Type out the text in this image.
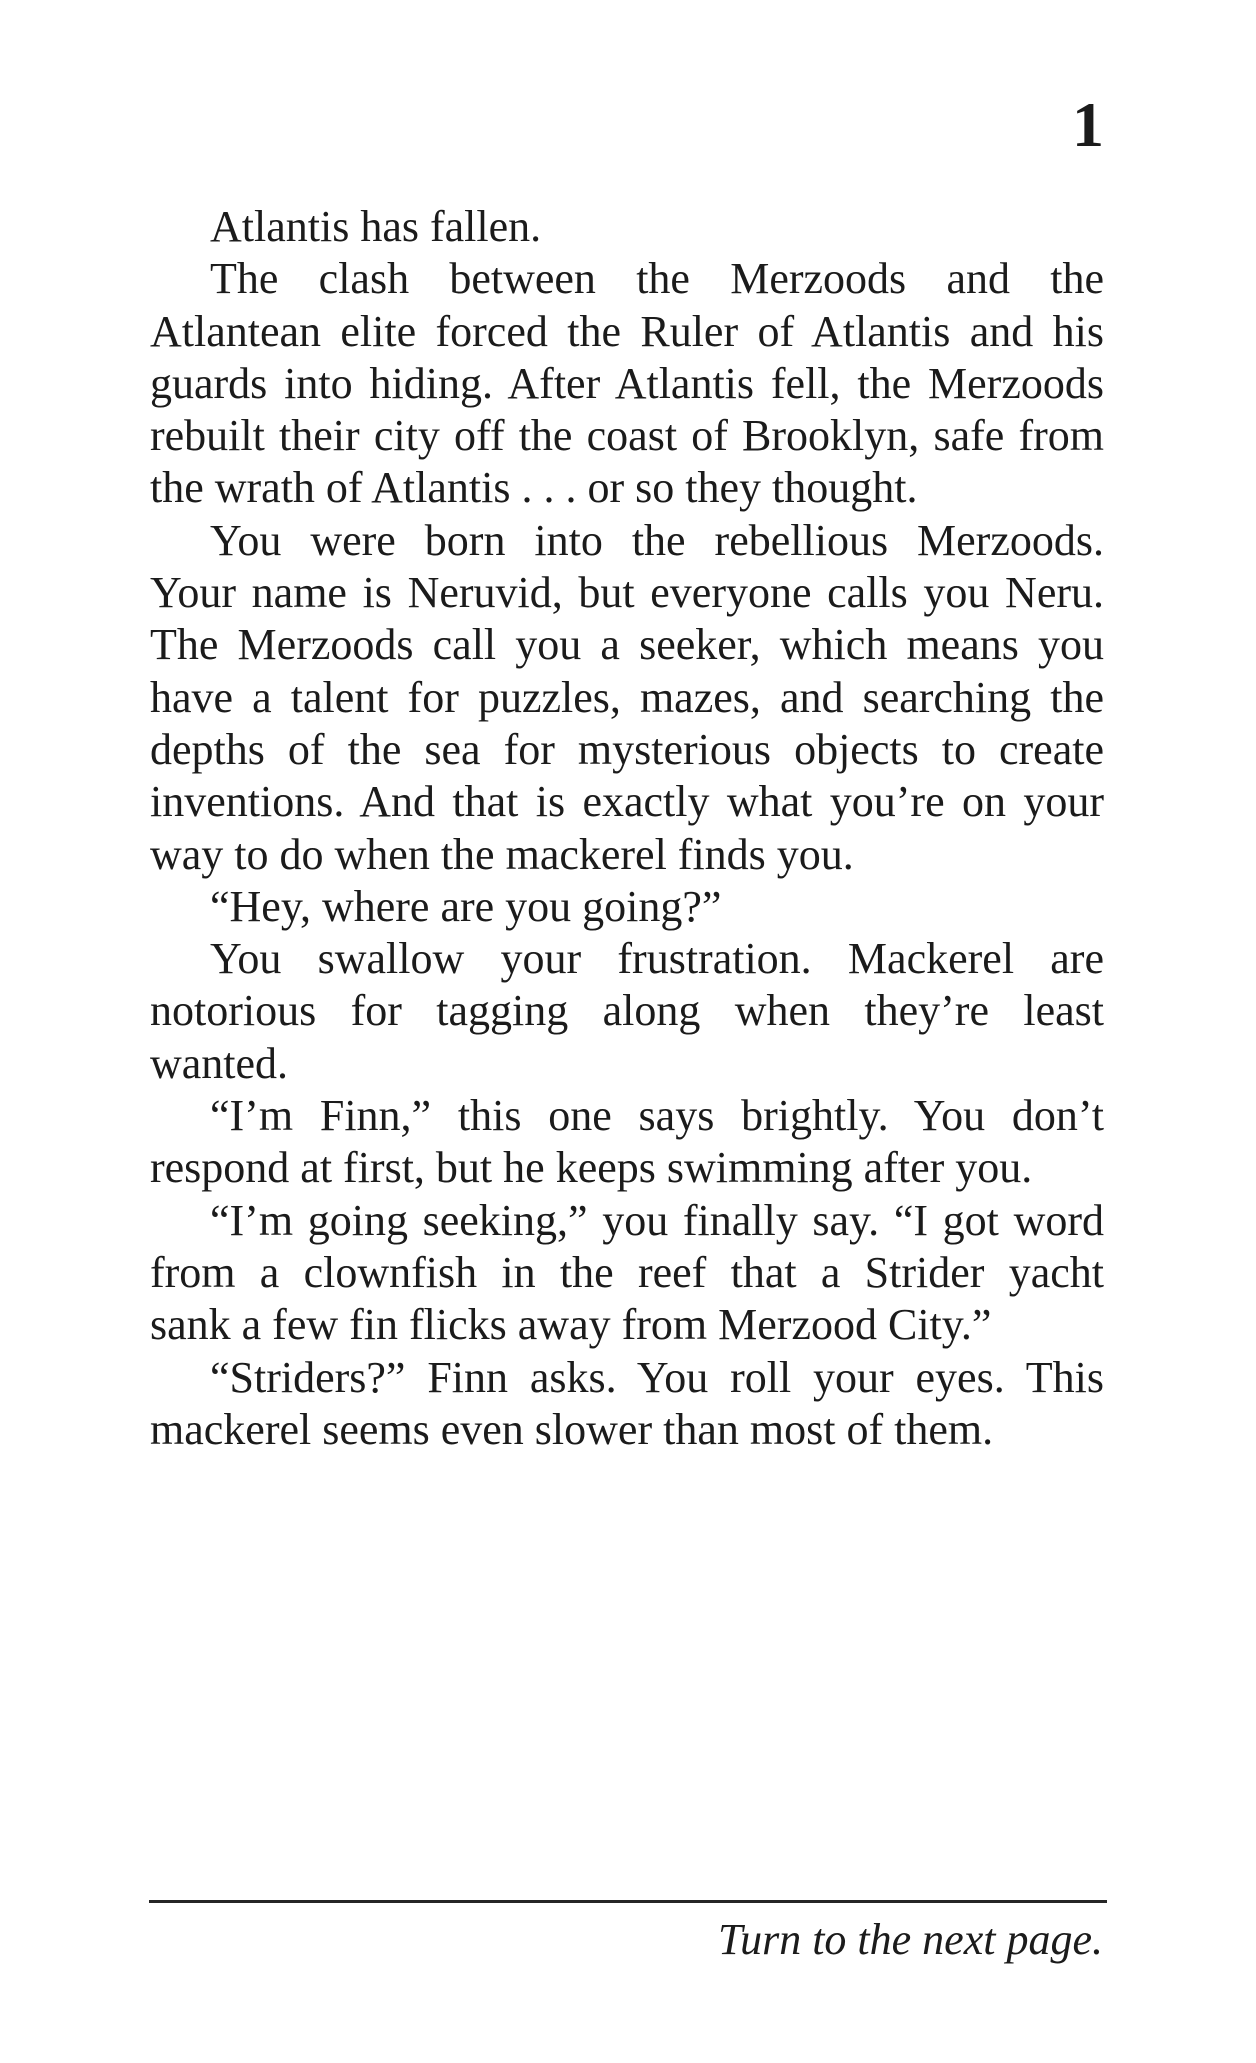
1
Atlantis has fallen.
The clash between the Merzoods and the
Atlantean elite forced the Ruler of Atlantis and his
guards into hiding. After Atlantis fell, the Merzoods
rebuilt their city off the coast of Brooklyn, safe from
the wrath of Atlantis . . . or so they thought.
You were born into the rebellious Merzoods.
Your name is Neruvid, but everyone calls you Neru.
The Merzoods call you a seeker, which means you
have a talent for puzzles, mazes, and searching the
depths of the sea for mysterious objects to create
inventions. And that is exactly what you’re on your
way to do when the mackerel finds you.
“Hey, where are you going?”
You swallow your frustration. Mackerel are
notorious for tagging along when they’re least
wanted.
“I’m Finn,” this one says brightly. You don’t
respond at first, but he keeps swimming after you.
“I’m going seeking,” you finally say. “I got word
from a clownfish in the reef that a Strider yacht
sank a few fin flicks away from Merzood City.”
“Striders?” Finn asks. You roll your eyes. This
mackerel seems even slower than most of them.
Turn to the next page.
